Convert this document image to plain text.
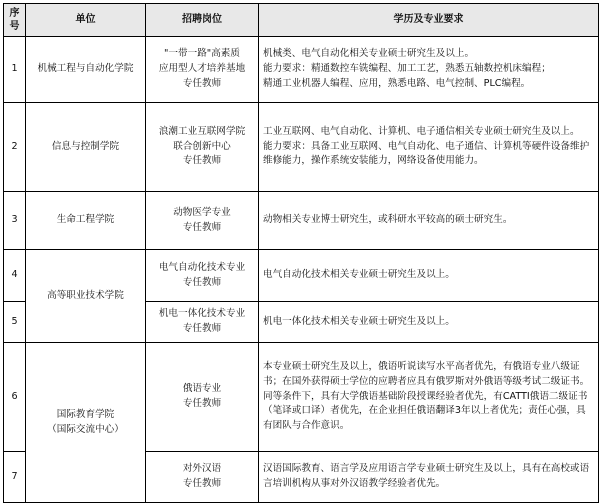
序
号	单位	招聘岗位	学历及专业要求
1	机械工程与自动化学院	"一带一路"高素质
应用型人才培养基地
专任教师	机械类、电气自动化相关专业硕士研究生及以上。
能力要求：精通数控车铣编程、加工工艺，熟悉五轴数控机床编程；
精通工业机器人编程、应用，熟悉电路、电气控制、PLC编程。

2	信息与控制学院	浪潮工业互联网学院
联合创新中心
专任教师	工业互联网、电气自动化、计算机、电子通信相关专业硕士研究生及以上。
能力要求：具备工业互联网、电气自动化、电子通信、计算机等硬件设备维护维修能力，操作系统安装能力，网络设备使用能力。

3	生命工程学院	动物医学专业
专任教师	动物相关专业博士研究生，或科研水平较高的硕士研究生。

4	高等职业技术学院	电气自动化技术专业
专任教师	电气自动化技术相关专业硕士研究生及以上。

5		机电一体化技术专业
专任教师	机电一体化技术相关专业硕士研究生及以上。

6	国际教育学院
（国际交流中心）	俄语专业
专任教师	本专业硕士研究生及以上，俄语听说读写水平高者优先，有俄语专业八级证书；在国外获得硕士学位的应聘者应具有俄罗斯对外俄语等级考试二级证书。同等条件下，具有大学俄语基础阶段授课经验者优先，有CATTI俄语二级证书（笔译或口译）者优先，在企业担任俄语翻译3年以上者优先；责任心强，具有团队与合作意识。

7		对外汉语
专任教师	汉语国际教育、语言学及应用语言学专业硕士研究生及以上，具有在高校或语言培训机构从事对外汉语教学经验者优先。
